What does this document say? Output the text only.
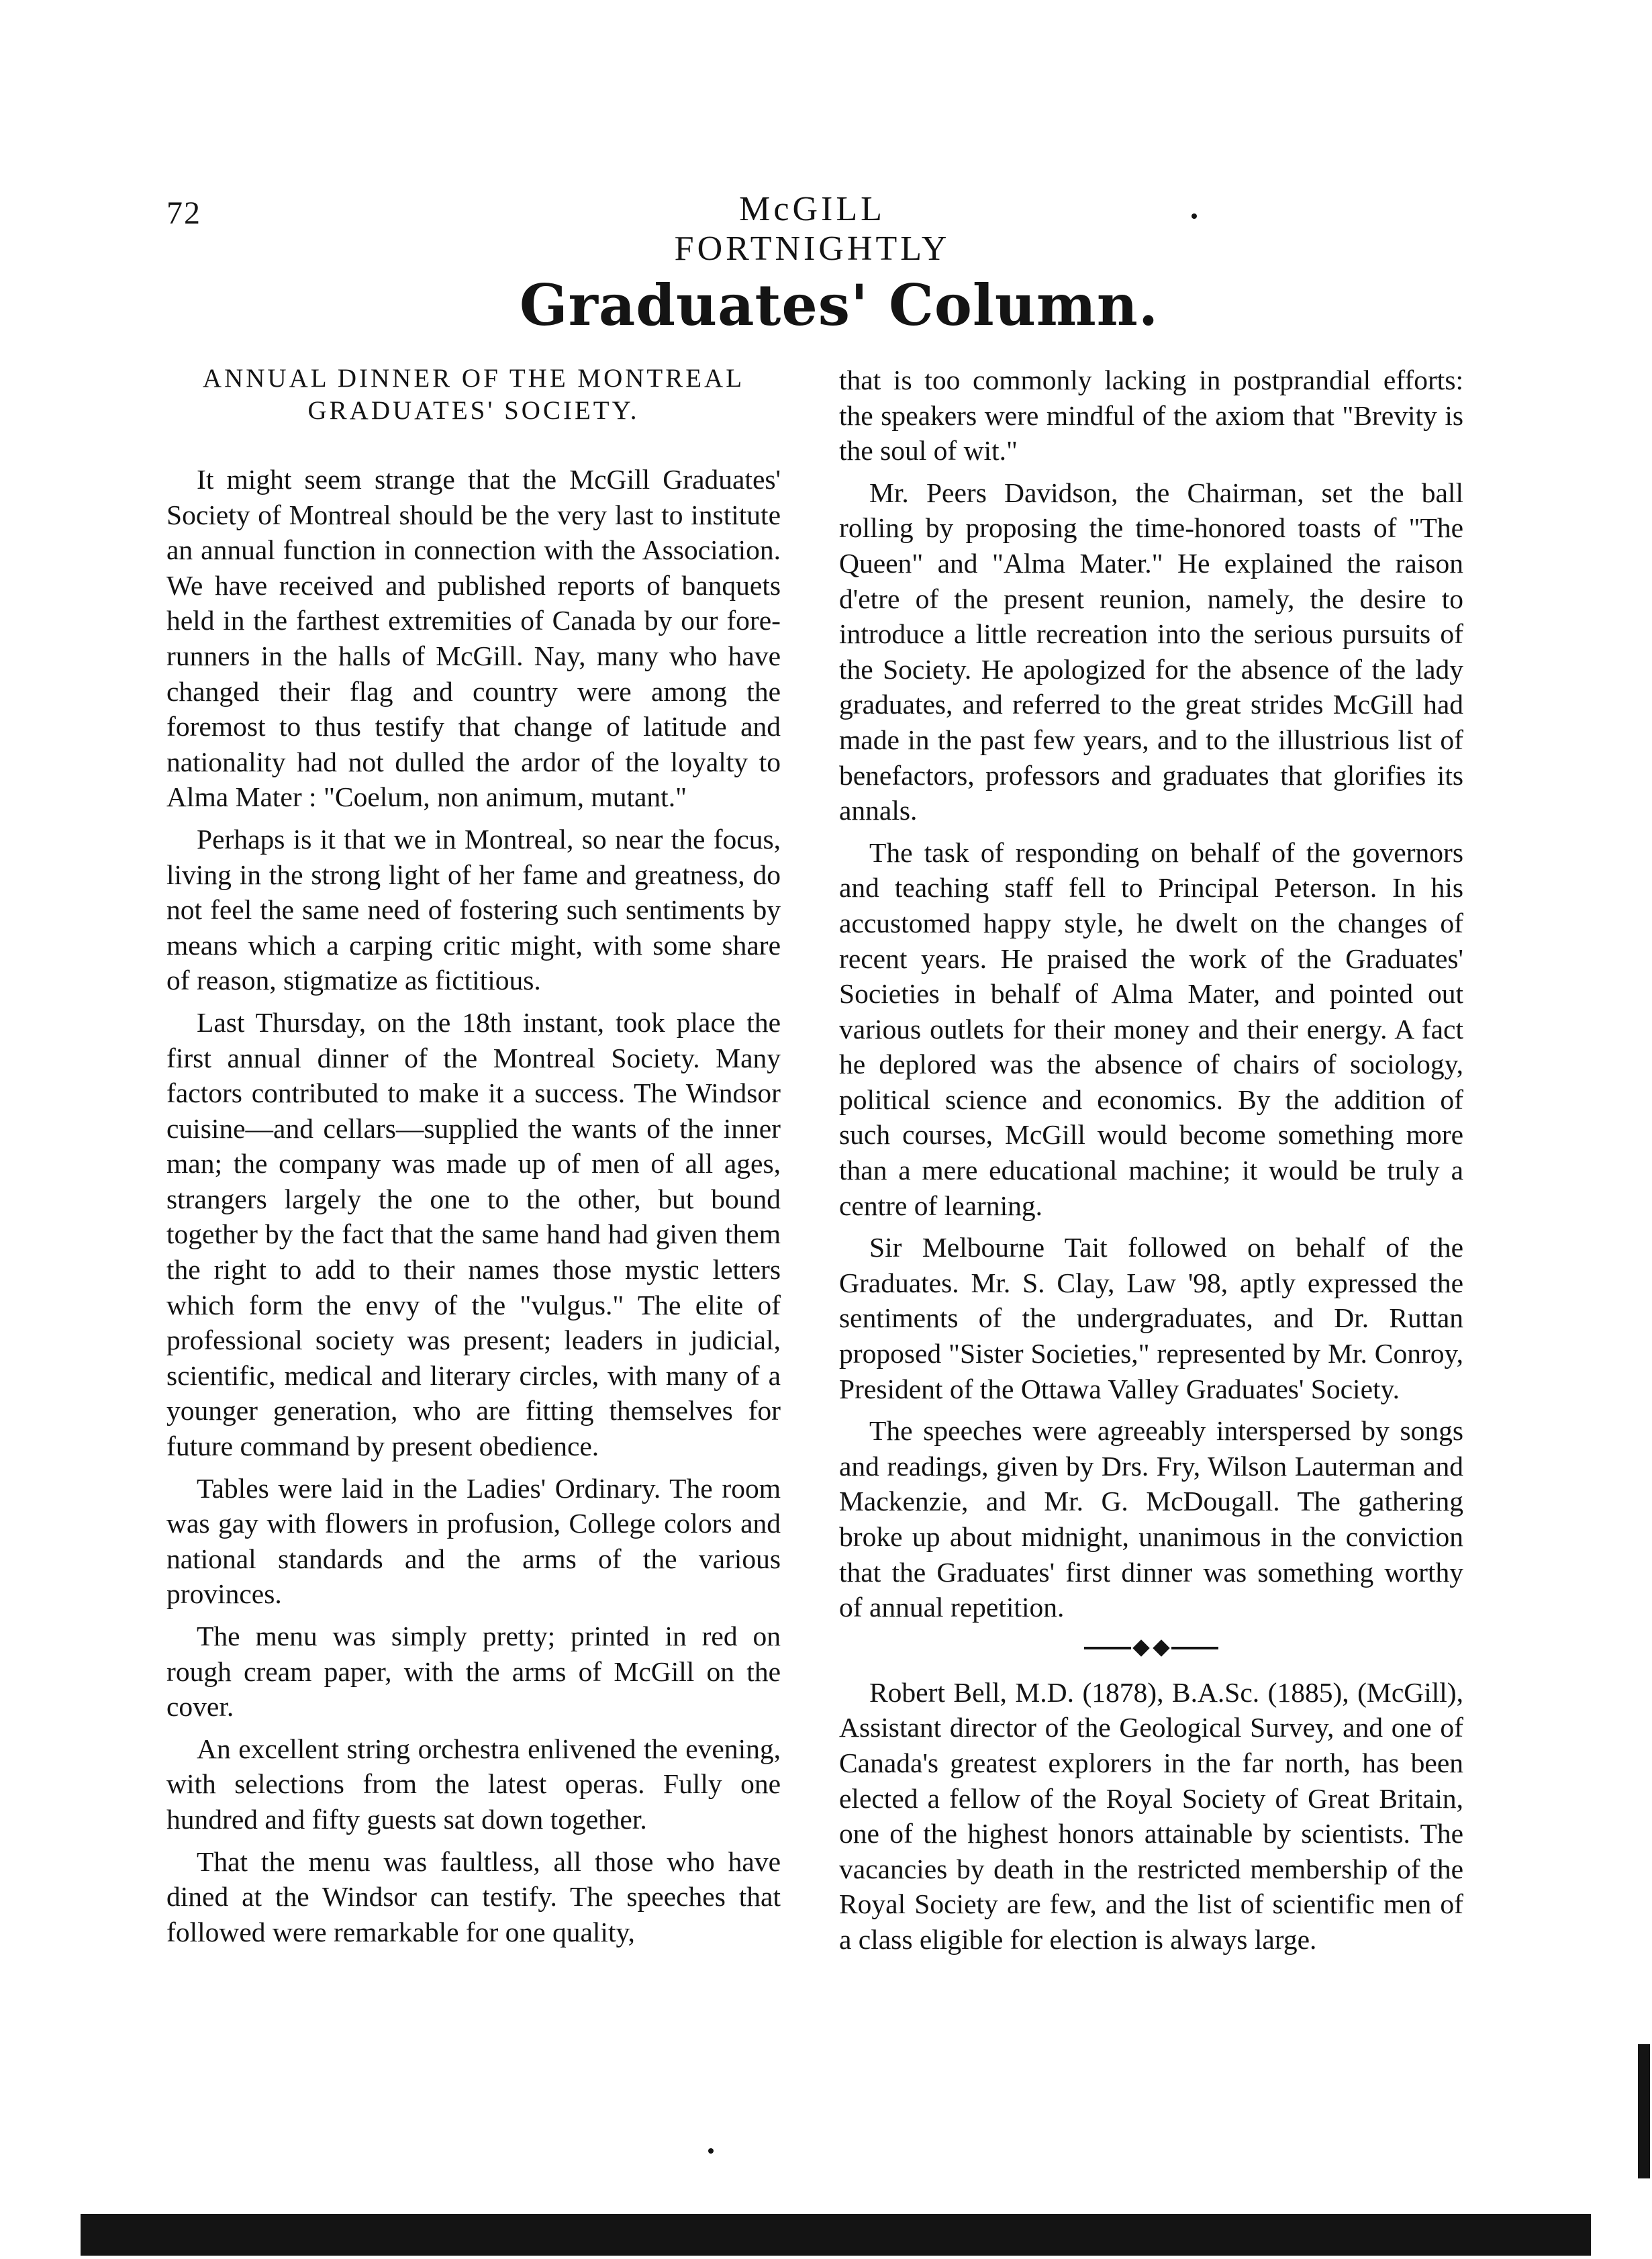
72	McGILL FORTNIGHTLY
Graduates' Column.
ANNUAL DINNER OF THE MONTREAL
GRADUATES' SOCIETY.

It might seem strange that the McGill Graduates' Society of Montreal should be the very last to institute an annual function in connection with the Association. We have received and published reports of banquets held in the farthest extremities of Canada by our fore-runners in the halls of McGill. Nay, many who have changed their flag and country were among the foremost to thus testify that change of latitude and nationality had not dulled the ardor of the loyalty to Alma Mater : "Coelum, non animum, mutant."

Perhaps is it that we in Montreal, so near the focus, living in the strong light of her fame and greatness, do not feel the same need of fostering such sentiments by means which a carping critic might, with some share of reason, stigmatize as fictitious.

Last Thursday, on the 18th instant, took place the first annual dinner of the Montreal Society. Many factors contributed to make it a success. The Windsor cuisine—and cellars—supplied the wants of the inner man; the company was made up of men of all ages, strangers largely the one to the other, but bound together by the fact that the same hand had given them the right to add to their names those mystic letters which form the envy of the "vulgus." The elite of professional society was present; leaders in judicial, scientific, medical and literary circles, with many of a younger generation, who are fitting themselves for future command by present obedience.

Tables were laid in the Ladies' Ordinary. The room was gay with flowers in profusion, College colors and national standards and the arms of the various provinces.

The menu was simply pretty; printed in red on rough cream paper, with the arms of McGill on the cover.

An excellent string orchestra enlivened the evening, with selections from the latest operas. Fully one hundred and fifty guests sat down together.

That the menu was faultless, all those who have dined at the Windsor can testify. The speeches that followed were remarkable for one quality,

that is too commonly lacking in postprandial efforts: the speakers were mindful of the axiom that "Brevity is the soul of wit."

Mr. Peers Davidson, the Chairman, set the ball rolling by proposing the time-honored toasts of "The Queen" and "Alma Mater." He explained the raison d'etre of the present reunion, namely, the desire to introduce a little recreation into the serious pursuits of the Society. He apologized for the absence of the lady graduates, and referred to the great strides McGill had made in the past few years, and to the illustrious list of benefactors, professors and graduates that glorifies its annals.

The task of responding on behalf of the governors and teaching staff fell to Principal Peterson. In his accustomed happy style, he dwelt on the changes of recent years. He praised the work of the Graduates' Societies in behalf of Alma Mater, and pointed out various outlets for their money and their energy. A fact he deplored was the absence of chairs of sociology, political science and economics. By the addition of such courses, McGill would become something more than a mere educational machine; it would be truly a centre of learning.

Sir Melbourne Tait followed on behalf of the Graduates. Mr. S. Clay, Law '98, aptly expressed the sentiments of the undergraduates, and Dr. Ruttan proposed "Sister Societies," represented by Mr. Conroy, President of the Ottawa Valley Graduates' Society.

The speeches were agreeably interspersed by songs and readings, given by Drs. Fry, Wilson Lauterman and Mackenzie, and Mr. G. McDougall. The gathering broke up about midnight, unanimous in the conviction that the Graduates' first dinner was something worthy of annual repetition.

Robert Bell, M.D. (1878), B.A.Sc. (1885), (McGill), Assistant director of the Geological Survey, and one of Canada's greatest explorers in the far north, has been elected a fellow of the Royal Society of Great Britain, one of the highest honors attainable by scientists. The vacancies by death in the restricted membership of the Royal Society are few, and the list of scientific men of a class eligible for election is always large.
